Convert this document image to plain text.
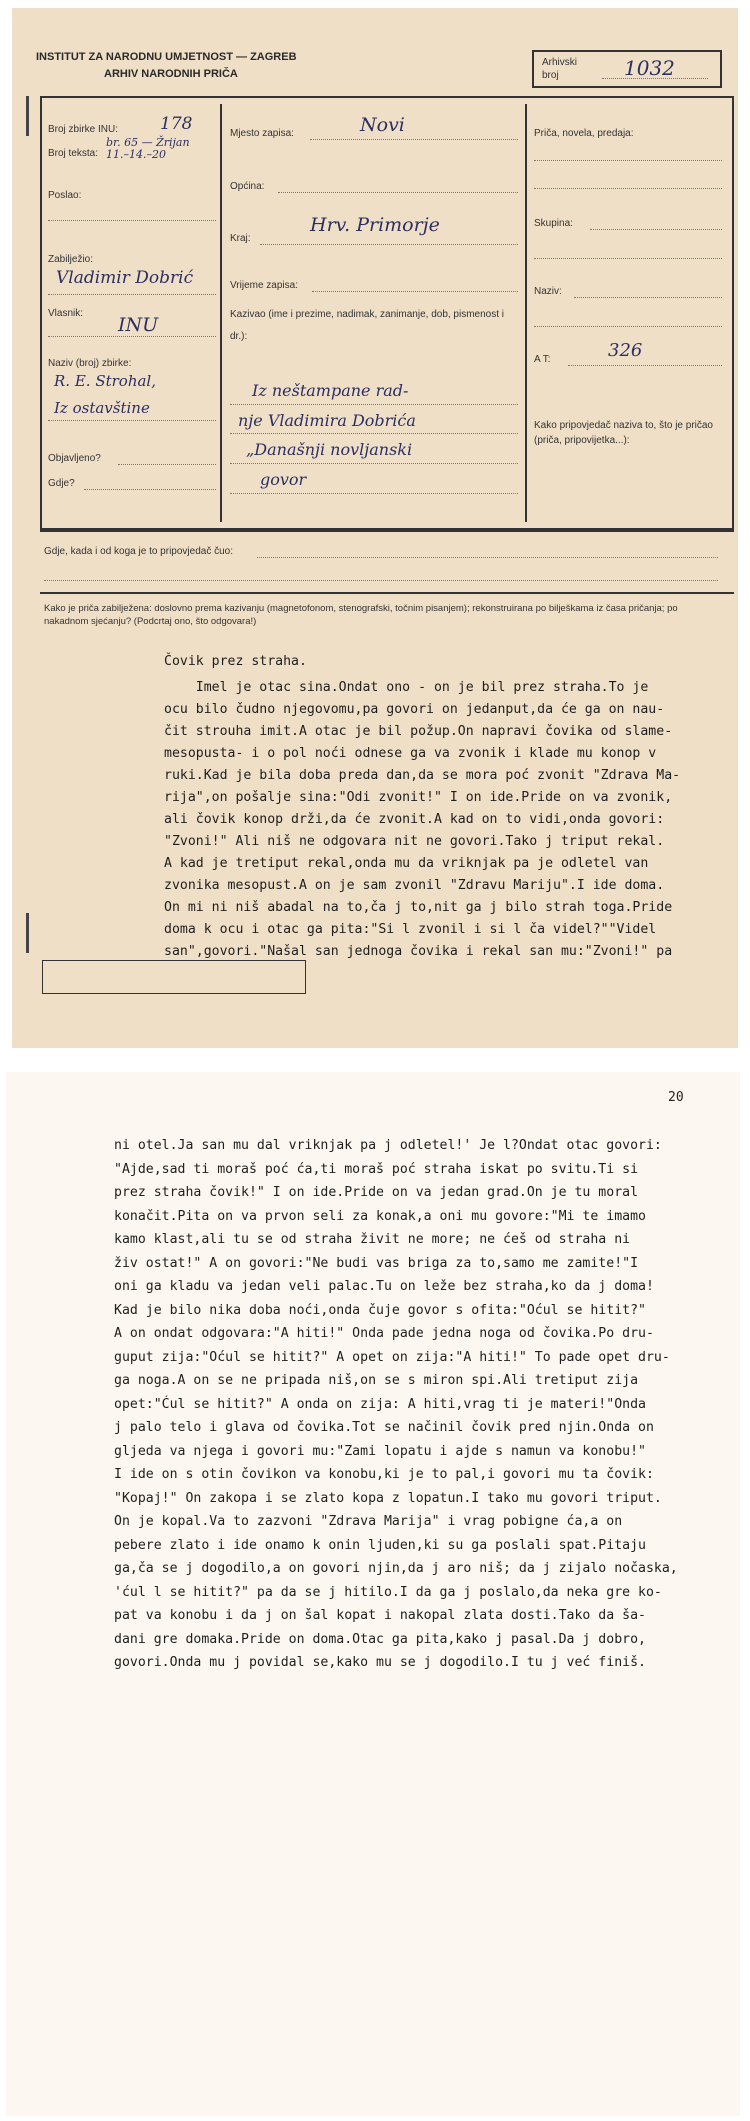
INSTITUT ZA NARODNU UMJETNOST — ZAGREB
ARHIV NARODNIH PRIČA
Arhivski broj	1032
Broj zbirke INU: 178
Broj teksta:
br. 65 — Žrijan 11.–14.–20
Poslao:
Zabilježio:
Vladimir Dobrić
Vlasnik:
INU
Naziv (broj) zbirke:
R. E. Strohal,
Iz ostavštine
Objavljeno?
Gdje?
Mjesto zapisa:	Novi
Općina:
Kraj:
Hrv. Primorje
Vrijeme zapisa:
Kazivao (ime i prezime, nadimak, zanimanje, dob, pismenost i dr.):
Iz neštampane rad-
nje Vladimira Dobrića
„Današnji novljanski
govor
Priča, novela, predaja:
Skupina:
Naziv:
A T:	326
Kako pripovjedač naziva to, što je pričao (priča, pripovijetka...):
Gdje, kada i od koga je to pripovjedač čuo:
Kako je priča zabilježena: doslovno prema kazivanju (magnetofonom, stenografski, točnim pisanjem); rekonstruirana po bilješkama iz časa pričanja; po nakadnom sjećanju? (Podcrtaj ono, što odgovara!)
Čovik prez straha.
Imel je otac sina.Ondat ono - on je bil prez straha.To je
ocu bilo čudno njegovomu,pa govori on jedanput,da će ga on nau-
čit strouha imit.A otac je bil požup.On napravi čovika od slame-
mesopusta- i o pol noći odnese ga va zvonik i klade mu konop v
ruki.Kad je bila doba preda dan,da se mora poć zvonit "Zdrava Ma-
rija",on pošalje sina:"Odi zvonit!" I on ide.Pride on va zvonik,
ali čovik konop drži,da će zvonit.A kad on to vidi,onda govori:
"Zvoni!" Ali niš ne odgovara nit ne govori.Tako j triput rekal.
A kad je tretiput rekal,onda mu da vriknjak pa je odletel van
zvonika mesopust.A on je sam zvonil "Zdravu Mariju".I ide doma.
On mi ni niš abadal na to,ča j to,nit ga j bilo strah toga.Pride
doma k ocu i otac ga pita:"Si l zvonil i si l ča videl?""Videl
san",govori."Našal san jednoga čovika i rekal san mu:"Zvoni!" pa
20
ni otel.Ja san mu dal vriknjak pa j odletel!' Je l?Ondat otac govori:
"Ajde,sad ti moraš poć ća,ti moraš poć straha iskat po svitu.Ti si
prez straha čovik!" I on ide.Pride on va jedan grad.On je tu moral
konačit.Pita on va prvon seli za konak,a oni mu govore:"Mi te imamo
kamo klast,ali tu se od straha živit ne more; ne ćeš od straha ni
živ ostat!" A on govori:"Ne budi vas briga za to,samo me zamite!"I
oni ga kladu va jedan veli palac.Tu on leže bez straha,ko da j doma!
Kad je bilo nika doba noći,onda čuje govor s ofita:"Oćul se hitit?"
A on ondat odgovara:"A hiti!" Onda pade jedna noga od čovika.Po dru-
guput zija:"Oćul se hitit?" A opet on zija:"A hiti!" To pade opet dru-
ga noga.A on se ne pripada niš,on se s miron spi.Ali tretiput zija
opet:"Ćul se hitit?" A onda on zija: A hiti,vrag ti je materi!"Onda
j palo telo i glava od čovika.Tot se načinil čovik pred njin.Onda on
gljeda va njega i govori mu:"Zami lopatu i ajde s namun va konobu!"
I ide on s otin čovikon va konobu,ki je to pal,i govori mu ta čovik:
"Kopaj!" On zakopa i se zlato kopa z lopatun.I tako mu govori triput.
On je kopal.Va to zazvoni "Zdrava Marija" i vrag pobigne ća,a on
pebere zlato i ide onamo k onin ljuden,ki su ga poslali spat.Pitaju
ga,ča se j dogodilo,a on govori njin,da j aro niš; da j zijalo nočaska,
'ćul l se hitit?" pa da se j hitilo.I da ga j poslalo,da neka gre ko-
pat va konobu i da j on šal kopat i nakopal zlata dosti.Tako da ša-
dani gre domaka.Pride on doma.Otac ga pita,kako j pasal.Da j dobro,
govori.Onda mu j povidal se,kako mu se j dogodilo.I tu j već finiš.
